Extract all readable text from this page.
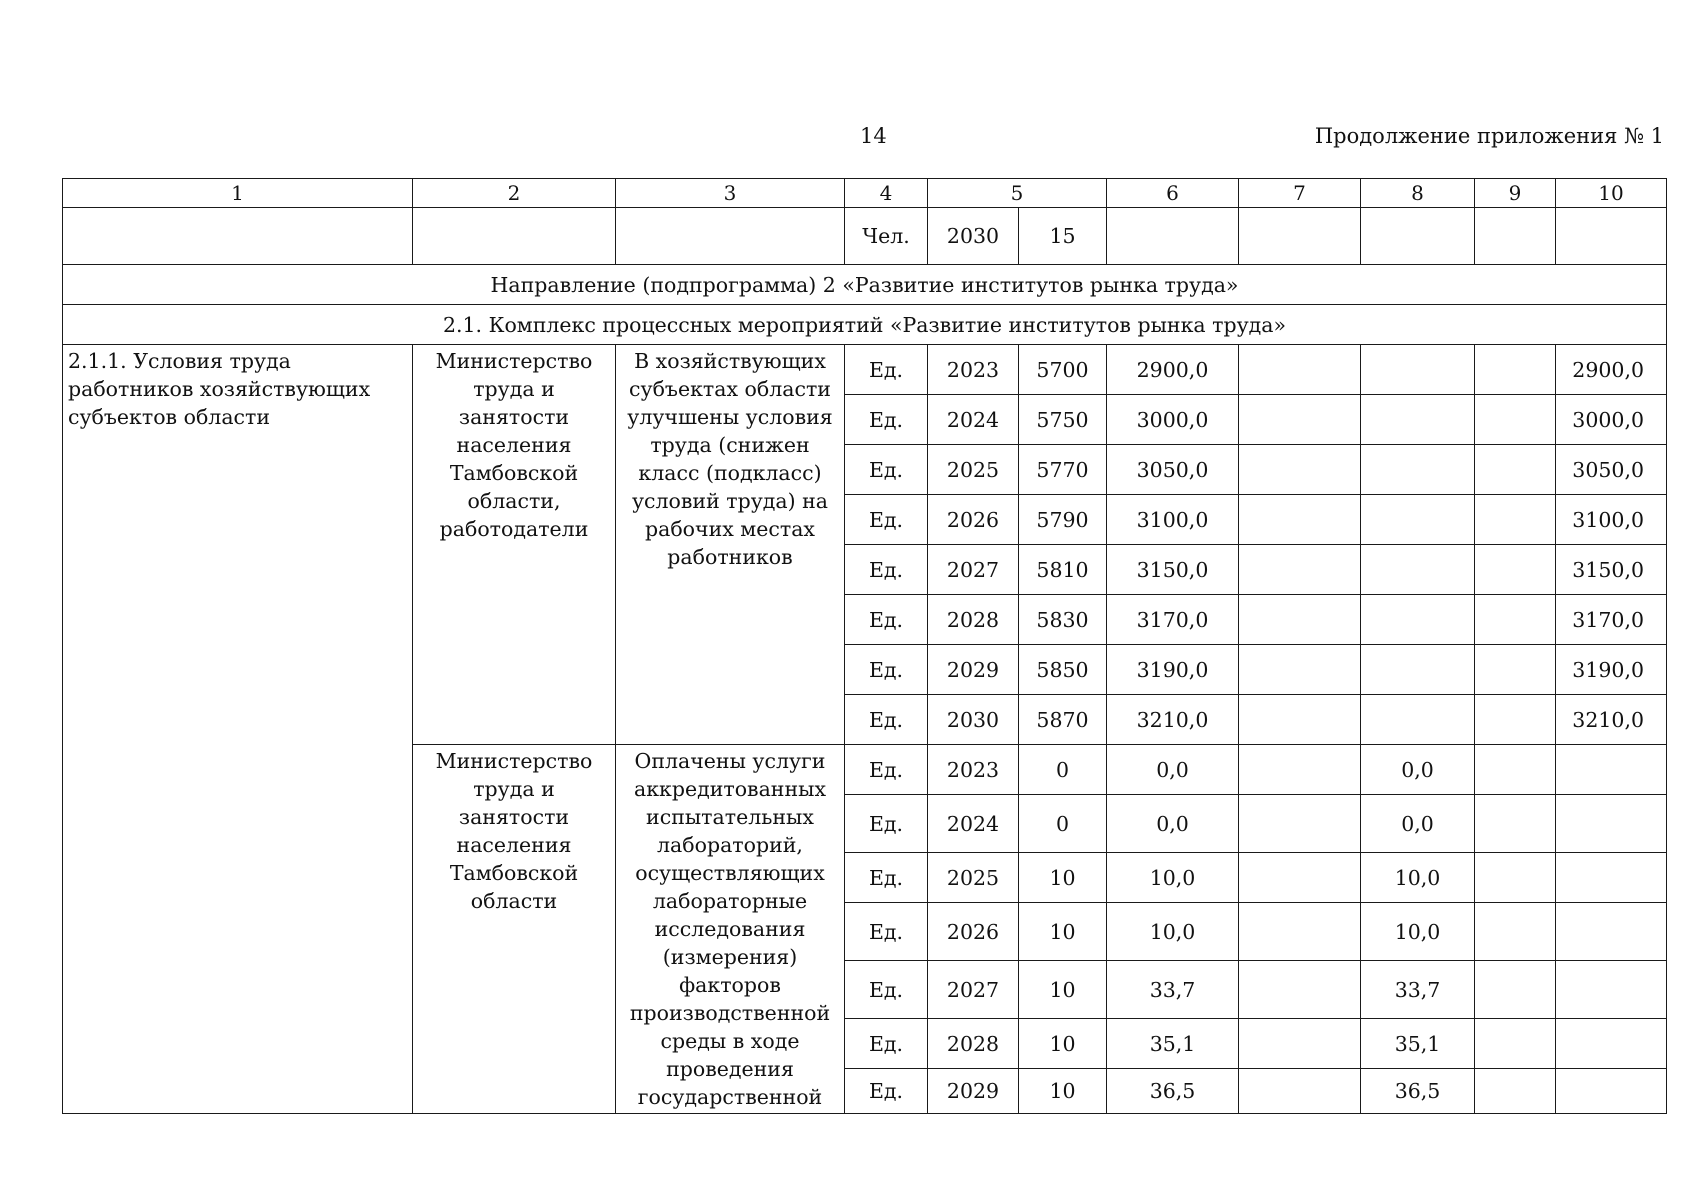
14	Продолжение приложения № 1
1	2	3	4	5		6	7	8	9	10
			Чел.	2030	15					
Направление (подпрограмма) 2 «Развитие институтов рынка труда»										
2.1. Комплекс процессных мероприятий «Развитие институтов рынка труда»										
2.1.1. Условия труда работников хозяйствующих субъектов области	Министерство труда и занятости населения Тамбовской области, работодатели	В хозяйствующих субъектах области улучшены условия труда (снижен класс (подкласс) условий труда) на рабочих местах работников	Ед.	2023	5700	2900,0				2900,0
			Ед.	2024	5750	3000,0				3000,0
			Ед.	2025	5770	3050,0				3050,0
			Ед.	2026	5790	3100,0				3100,0
			Ед.	2027	5810	3150,0				3150,0
			Ед.	2028	5830	3170,0				3170,0
			Ед.	2029	5850	3190,0				3190,0
			Ед.	2030	5870	3210,0				3210,0
	Министерство труда и занятости населения Тамбовской области	Оплачены услуги аккредитованных испытательных лабораторий, осуществляющих лабораторные исследования (измерения) факторов производственной среды в ходе проведения государственной	Ед.	2023	0	0,0		0,0		
			Ед.	2024	0	0,0		0,0		
			Ед.	2025	10	10,0		10,0		
			Ед.	2026	10	10,0		10,0		
			Ед.	2027	10	33,7		33,7		
			Ед.	2028	10	35,1		35,1		
			Ед.	2029	10	36,5		36,5		
